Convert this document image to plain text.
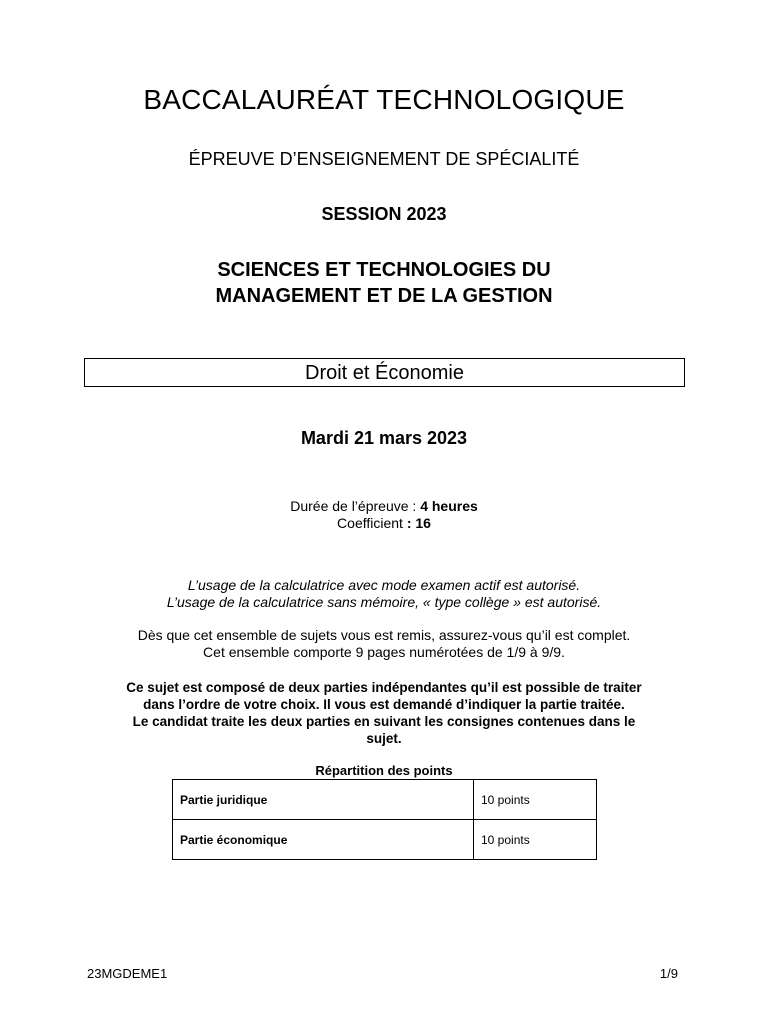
BACCALAURÉAT TECHNOLOGIQUE
ÉPREUVE D’ENSEIGNEMENT DE SPÉCIALITÉ
SESSION 2023
SCIENCES ET TECHNOLOGIES DU
MANAGEMENT ET DE LA GESTION
Droit et Économie
Mardi 21 mars 2023
Durée de l’épreuve : 4 heures
Coefficient : 16
L’usage de la calculatrice avec mode examen actif est autorisé.
L’usage de la calculatrice sans mémoire, « type collège » est autorisé.
Dès que cet ensemble de sujets vous est remis, assurez-vous qu’il est complet.
Cet ensemble comporte 9 pages numérotées de 1/9 à 9/9.
Ce sujet est composé de deux parties indépendantes qu’il est possible de traiter
dans l’ordre de votre choix. Il vous est demandé d’indiquer la partie traitée.
Le candidat traite les deux parties en suivant les consignes contenues dans le
sujet.
Répartition des points
Partie juridique	10 points
Partie économique	10 points
23MGDEME1	1/9
